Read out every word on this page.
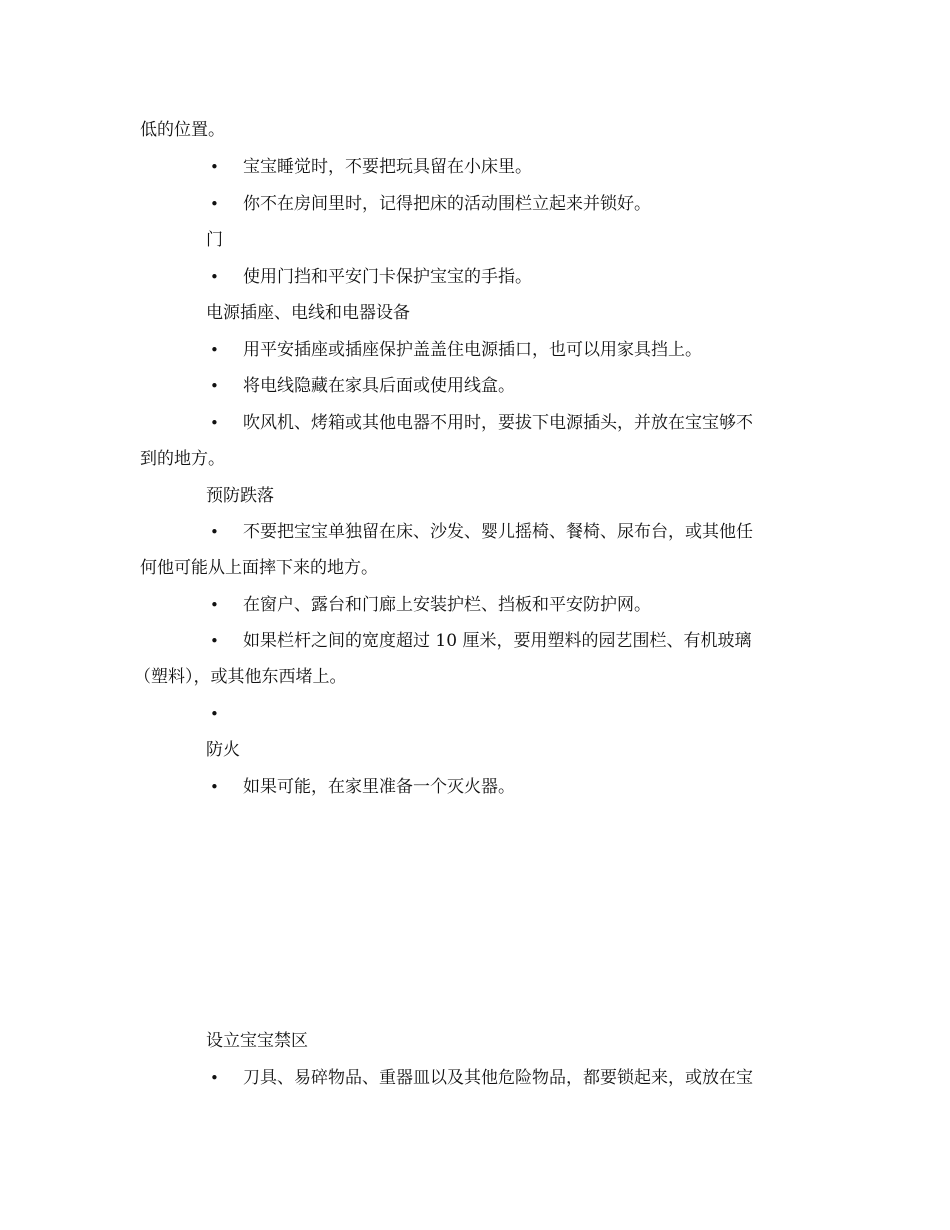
低的位置。
• 宝宝睡觉时，不要把玩具留在小床里。
• 你不在房间里时，记得把床的活动围栏立起来并锁好。
门
• 使用门挡和平安门卡保护宝宝的手指。
电源插座、电线和电器设备
• 用平安插座或插座保护盖盖住电源插口，也可以用家具挡上。
• 将电线隐藏在家具后面或使用线盒。
• 吹风机、烤箱或其他电器不用时，要拔下电源插头，并放在宝宝够不
到的地方。
预防跌落
• 不要把宝宝单独留在床、沙发、婴儿摇椅、餐椅、尿布台，或其他任
何他可能从上面摔下来的地方。
• 在窗户、露台和门廊上安装护栏、挡板和平安防护网。
• 如果栏杆之间的宽度超过 10 厘米，要用塑料的园艺围栏、有机玻璃
（塑料），或其他东西堵上。
•
防火
• 如果可能，在家里准备一个灭火器。
设立宝宝禁区
• 刀具、易碎物品、重器皿以及其他危险物品，都要锁起来，或放在宝
